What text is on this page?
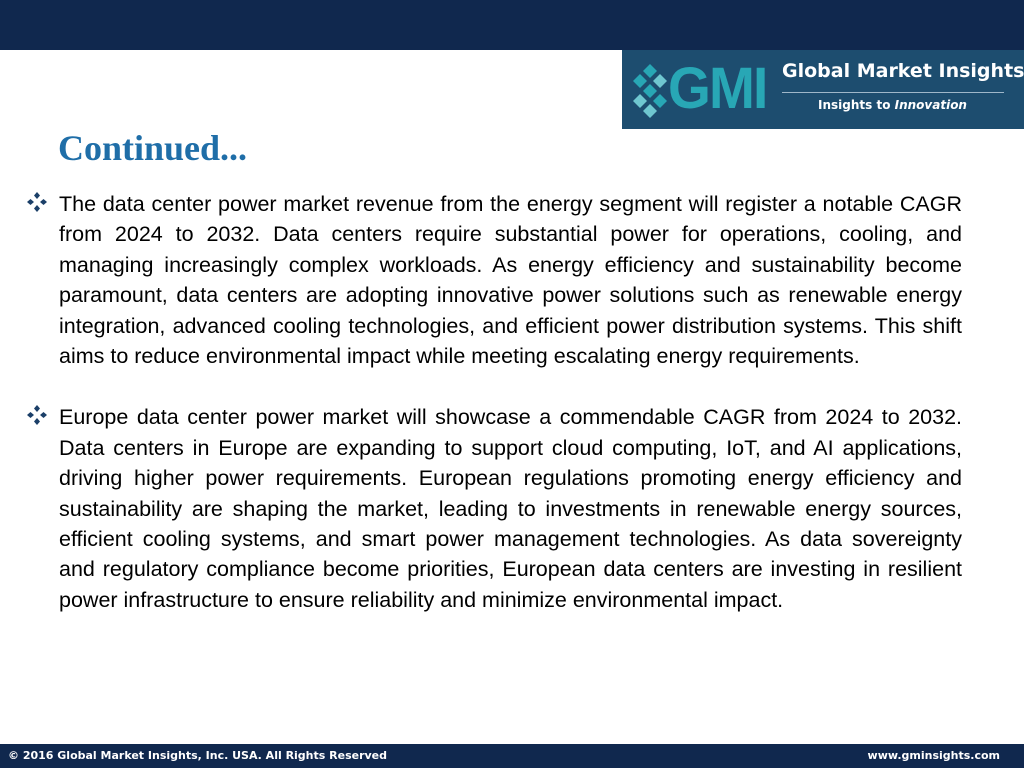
GMI Global Market Insights
Insights to Innovation
Continued...

The data center power market revenue from the energy segment will register a notable CAGR from 2024 to 2032. Data centers require substantial power for operations, cooling, and managing increasingly complex workloads. As energy efficiency and sustainability become paramount, data centers are adopting innovative power solutions such as renewable energy integration, advanced cooling technologies, and efficient power distribution systems. This shift aims to reduce environmental impact while meeting escalating energy requirements.

Europe data center power market will showcase a commendable CAGR from 2024 to 2032. Data centers in Europe are expanding to support cloud computing, IoT, and AI applications, driving higher power requirements. European regulations promoting energy efficiency and sustainability are shaping the market, leading to investments in renewable energy sources, efficient cooling systems, and smart power management technologies. As data sovereignty and regulatory compliance become priorities, European data centers are investing in resilient power infrastructure to ensure reliability and minimize environmental impact.

© 2016 Global Market Insights, Inc. USA. All Rights Reserved	www.gminsights.com
